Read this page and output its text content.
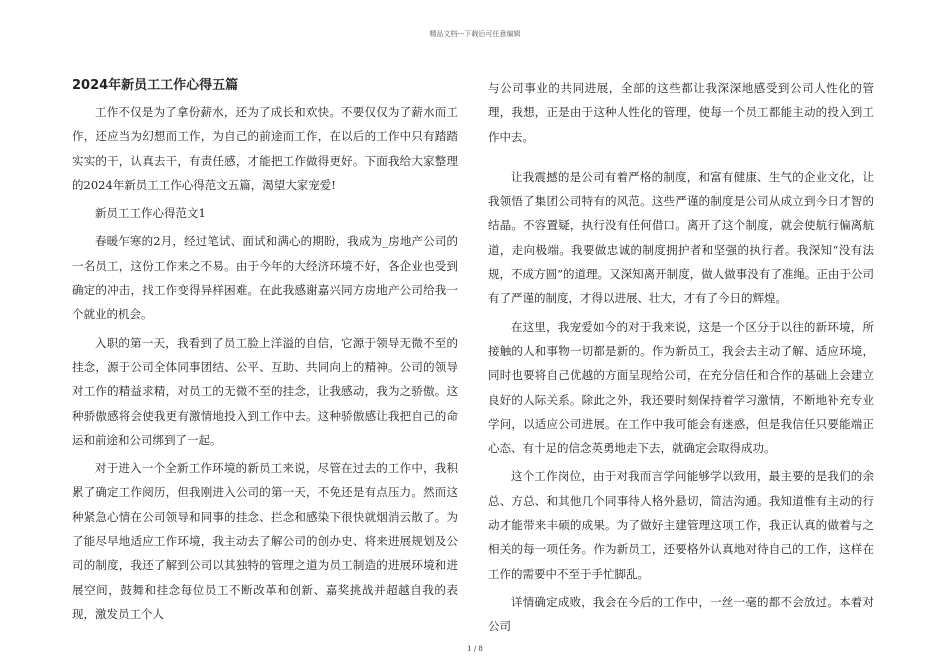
精品文档---下载后可任意编辑
2024年新员工工作心得五篇

工作不仅是为了拿份薪水，还为了成长和欢快。不要仅仅为了薪水而工作，还应当为幻想而工作，为自己的前途而工作，在以后的工作中只有踏踏实实的干，认真去干，有责任感，才能把工作做得更好。下面我给大家整理的2024年新员工工作心得范文五篇，渴望大家宠爱!

新员工工作心得范文1

春暖乍寒的2月，经过笔试、面试和满心的期盼，我成为_房地产公司的一名员工，这份工作来之不易。由于今年的大经济环境不好，各企业也受到确定的冲击，找工作变得异样困难。在此我感谢嘉兴同方房地产公司给我一个就业的机会。

入职的第一天，我看到了员工脸上洋溢的自信，它源于领导无微不至的挂念，源于公司全体同事团结、公平、互助、共同向上的精神。公司的领导对工作的精益求精，对员工的无微不至的挂念，让我感动，我为之骄傲。这种骄傲感将会使我更有激情地投入到工作中去。这种骄傲感让我把自己的命运和前途和公司绑到了一起。

对于进入一个全新工作环境的新员工来说，尽管在过去的工作中，我积累了确定工作阅历，但我刚进入公司的第一天，不免还是有点压力。然而这种紧急心情在公司领导和同事的挂念、拦念和感染下很快就烟消云散了。为了能尽早地适应工作环境，我主动去了解公司的创办史、将来进展规划及公司的制度，我还了解到公司以其独特的管理之道为员工制造的进展环境和进展空间，鼓舞和挂念每位员工不断改革和创新、嘉奖挑战并超越自我的表现，激发员工个人

与公司事业的共同进展，全部的这些都让我深深地感受到公司人性化的管理，我想，正是由于这种人性化的管理，使每一个员工都能主动的投入到工作中去。

让我震撼的是公司有着严格的制度，和富有健康、生气的企业文化，让我领悟了集团公司特有的风范。这些严谨的制度是公司从成立到今日才智的结晶。不容置疑，执行没有任何借口。离开了这个制度，就会使航行偏离航道，走向极端。我要做忠诚的制度拥护者和坚强的执行者。我深知“没有法规，不成方圆”的道理。又深知离开制度，做人做事没有了准绳。正由于公司有了严谨的制度，才得以进展、壮大，才有了今日的辉煌。

在这里，我宠爱如今的对于我来说，这是一个区分于以往的新环境，所接触的人和事物一切都是新的。作为新员工，我会去主动了解、适应环境，同时也要将自己优越的方面呈现给公司，在充分信任和合作的基础上会建立良好的人际关系。除此之外，我还要时刻保持着学习激情，不断地补充专业学问，以适应公司进展。在工作中我可能会有迷惑，但是我信任只要能端正心态、有十足的信念英勇地走下去，就确定会取得成功。

这个工作岗位，由于对我而言学问能够学以致用，最主要的是我们的余总、方总、和其他几个同事待人格外悬切，简洁沟通。我知道惟有主动的行动才能带来丰硕的成果。为了做好主建管理这项工作，我正认真的做着与之相关的每一项任务。作为新员工，还要格外认真地对待自己的工作，这样在工作的需要中不至于手忙脚乱。

详情确定成败，我会在今后的工作中，一丝一毫的都不会放过。本着对公司

1 / 8
